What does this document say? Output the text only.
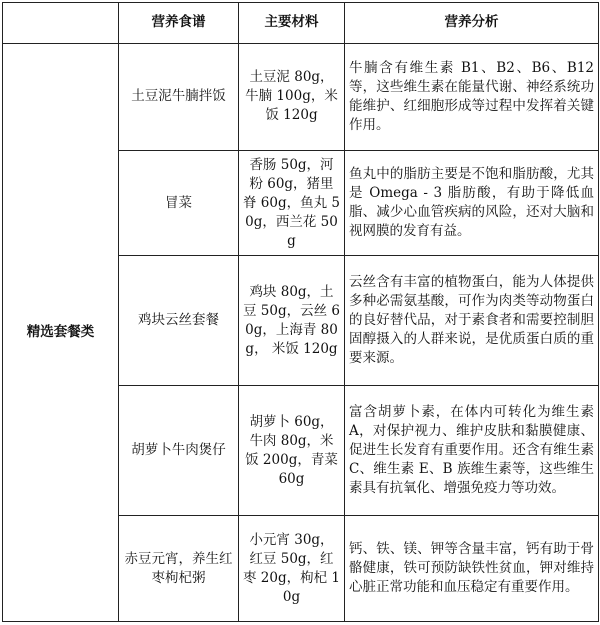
	营养食谱	主要材料	营养分析
精选套餐类	土豆泥牛腩拌饭	土豆泥 80g，牛腩 100g，米饭 120g	牛腩含有维生素 B1、B2、B6、B12 等，这些维生素在能量代谢、神经系统功能维护、红细胞形成等过程中发挥着关键作用。
	冒菜	香肠 50g，河粉 60g，猪里脊 60g，鱼丸 50g，西兰花 50g	鱼丸中的脂肪主要是不饱和脂肪酸，尤其是 Omega - 3 脂肪酸，有助于降低血脂、减少心血管疾病的风险，还对大脑和视网膜的发育有益。
	鸡块云丝套餐	鸡块 80g，土豆 50g，云丝 60g，上海青 80g， 米饭 120g	云丝含有丰富的植物蛋白，能为人体提供多种必需氨基酸，可作为肉类等动物蛋白的良好替代品，对于素食者和需要控制胆固醇摄入的人群来说，是优质蛋白质的重要来源。
	胡萝卜牛肉煲仔	胡萝卜 60g，牛肉 80g，米饭 200g，青菜 60g	富含胡萝卜素，在体内可转化为维生素 A，对保护视力、维护皮肤和黏膜健康、促进生长发育有重要作用。还含有维生素 C、维生素 E、B 族维生素等，这些维生素具有抗氧化、增强免疫力等功效。
	赤豆元宵，养生红枣枸杞粥	小元宵 30g，红豆 50g，红枣 20g，枸杞 10g	钙、铁、镁、钾等含量丰富，钙有助于骨骼健康，铁可预防缺铁性贫血，钾对维持心脏正常功能和血压稳定有重要作用。
